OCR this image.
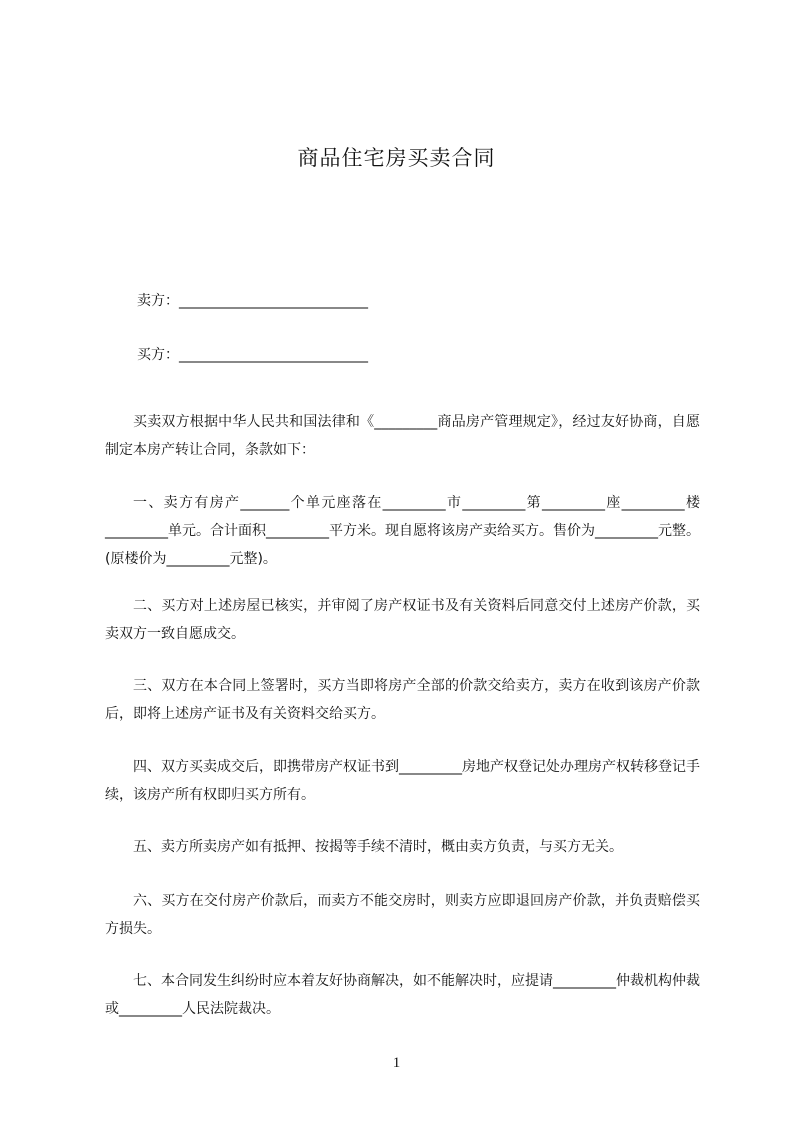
商品住宅房买卖合同
卖方：___________________________
买方：___________________________

买卖双方根据中华人民共和国法律和《_________商品房产管理规定》，经过友好协商，自愿制定本房产转让合同，条款如下：

一、卖方有房产_______个单元座落在_________市_________第_________座_________楼_________单元。合计面积_________平方米。现自愿将该房产卖给买方。售价为_________元整。(原楼价为_________元整)。

二、买方对上述房屋已核实，并审阅了房产权证书及有关资料后同意交付上述房产价款，买卖双方一致自愿成交。

三、双方在本合同上签署时，买方当即将房产全部的价款交给卖方，卖方在收到该房产价款后，即将上述房产证书及有关资料交给买方。

四、双方买卖成交后，即携带房产权证书到_________房地产权登记处办理房产权转移登记手续，该房产所有权即归买方所有。

五、卖方所卖房产如有抵押、按揭等手续不清时，概由卖方负责，与买方无关。

六、买方在交付房产价款后，而卖方不能交房时，则卖方应即退回房产价款，并负责赔偿买方损失。

七、本合同发生纠纷时应本着友好协商解决，如不能解决时，应提请_________仲裁机构仲裁或_________人民法院裁决。

1
